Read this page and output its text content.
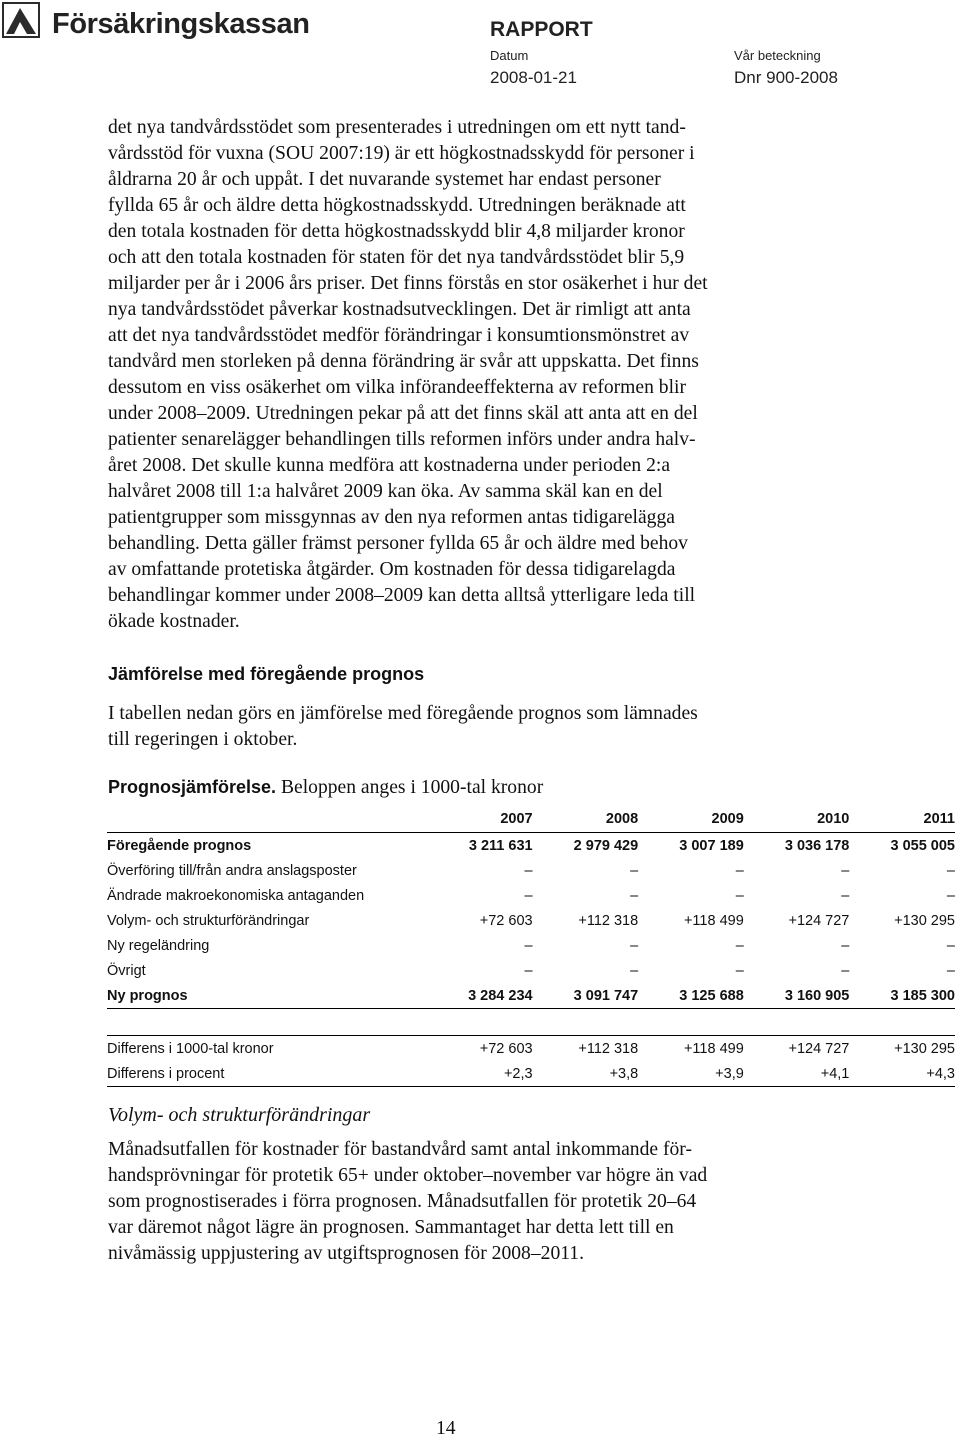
Försäkringskassan	RAPPORT
Datum	Vår beteckning
2008-01-21	Dnr 900-2008
det nya tandvårdsstödet som presenterades i utredningen om ett nytt tand-
vårdsstöd för vuxna (SOU 2007:19) är ett högkostnadsskydd för personer i
åldrarna 20 år och uppåt. I det nuvarande systemet har endast personer
fyllda 65 år och äldre detta högkostnadsskydd. Utredningen beräknade att
den totala kostnaden för detta högkostnadsskydd blir 4,8 miljarder kronor
och att den totala kostnaden för staten för det nya tandvårdsstödet blir 5,9
miljarder per år i 2006 års priser. Det finns förstås en stor osäkerhet i hur det
nya tandvårdsstödet påverkar kostnadsutvecklingen. Det är rimligt att anta
att det nya tandvårdsstödet medför förändringar i konsumtionsmönstret av
tandvård men storleken på denna förändring är svår att uppskatta. Det finns
dessutom en viss osäkerhet om vilka införandeeffekterna av reformen blir
under 2008–2009. Utredningen pekar på att det finns skäl att anta att en del
patienter senarelägger behandlingen tills reformen införs under andra halv-
året 2008. Det skulle kunna medföra att kostnaderna under perioden 2:a
halvåret 2008 till 1:a halvåret 2009 kan öka. Av samma skäl kan en del
patientgrupper som missgynnas av den nya reformen antas tidigarelägga
behandling. Detta gäller främst personer fyllda 65 år och äldre med behov
av omfattande protetiska åtgärder. Om kostnaden för dessa tidigarelagda
behandlingar kommer under 2008–2009 kan detta alltså ytterligare leda till
ökade kostnader.
Jämförelse med föregående prognos
I tabellen nedan görs en jämförelse med föregående prognos som lämnades
till regeringen i oktober.
Prognosjämförelse. Beloppen anges i 1000-tal kronor
	2007	2008	2009	2010	2011
Föregående prognos	3 211 631	2 979 429	3 007 189	3 036 178	3 055 005
Överföring till/från andra anslagsposter	–	–	–	–	–
Ändrade makroekonomiska antaganden	–	–	–	–	–
Volym- och strukturförändringar	+72 603	+112 318	+118 499	+124 727	+130 295
Ny regeländring	–	–	–	–	–
Övrigt	–	–	–	–	–
Ny prognos	3 284 234	3 091 747	3 125 688	3 160 905	3 185 300

Differens i 1000-tal kronor	+72 603	+112 318	+118 499	+124 727	+130 295
Differens i procent	+2,3	+3,8	+3,9	+4,1	+4,3
Volym- och strukturförändringar
Månadsutfallen för kostnader för bastandvård samt antal inkommande för-
handsprövningar för protetik 65+ under oktober–november var högre än vad
som prognostiserades i förra prognosen. Månadsutfallen för protetik 20–64
var däremot något lägre än prognosen. Sammantaget har detta lett till en
nivåmässig uppjustering av utgiftsprognosen för 2008–2011.
14
